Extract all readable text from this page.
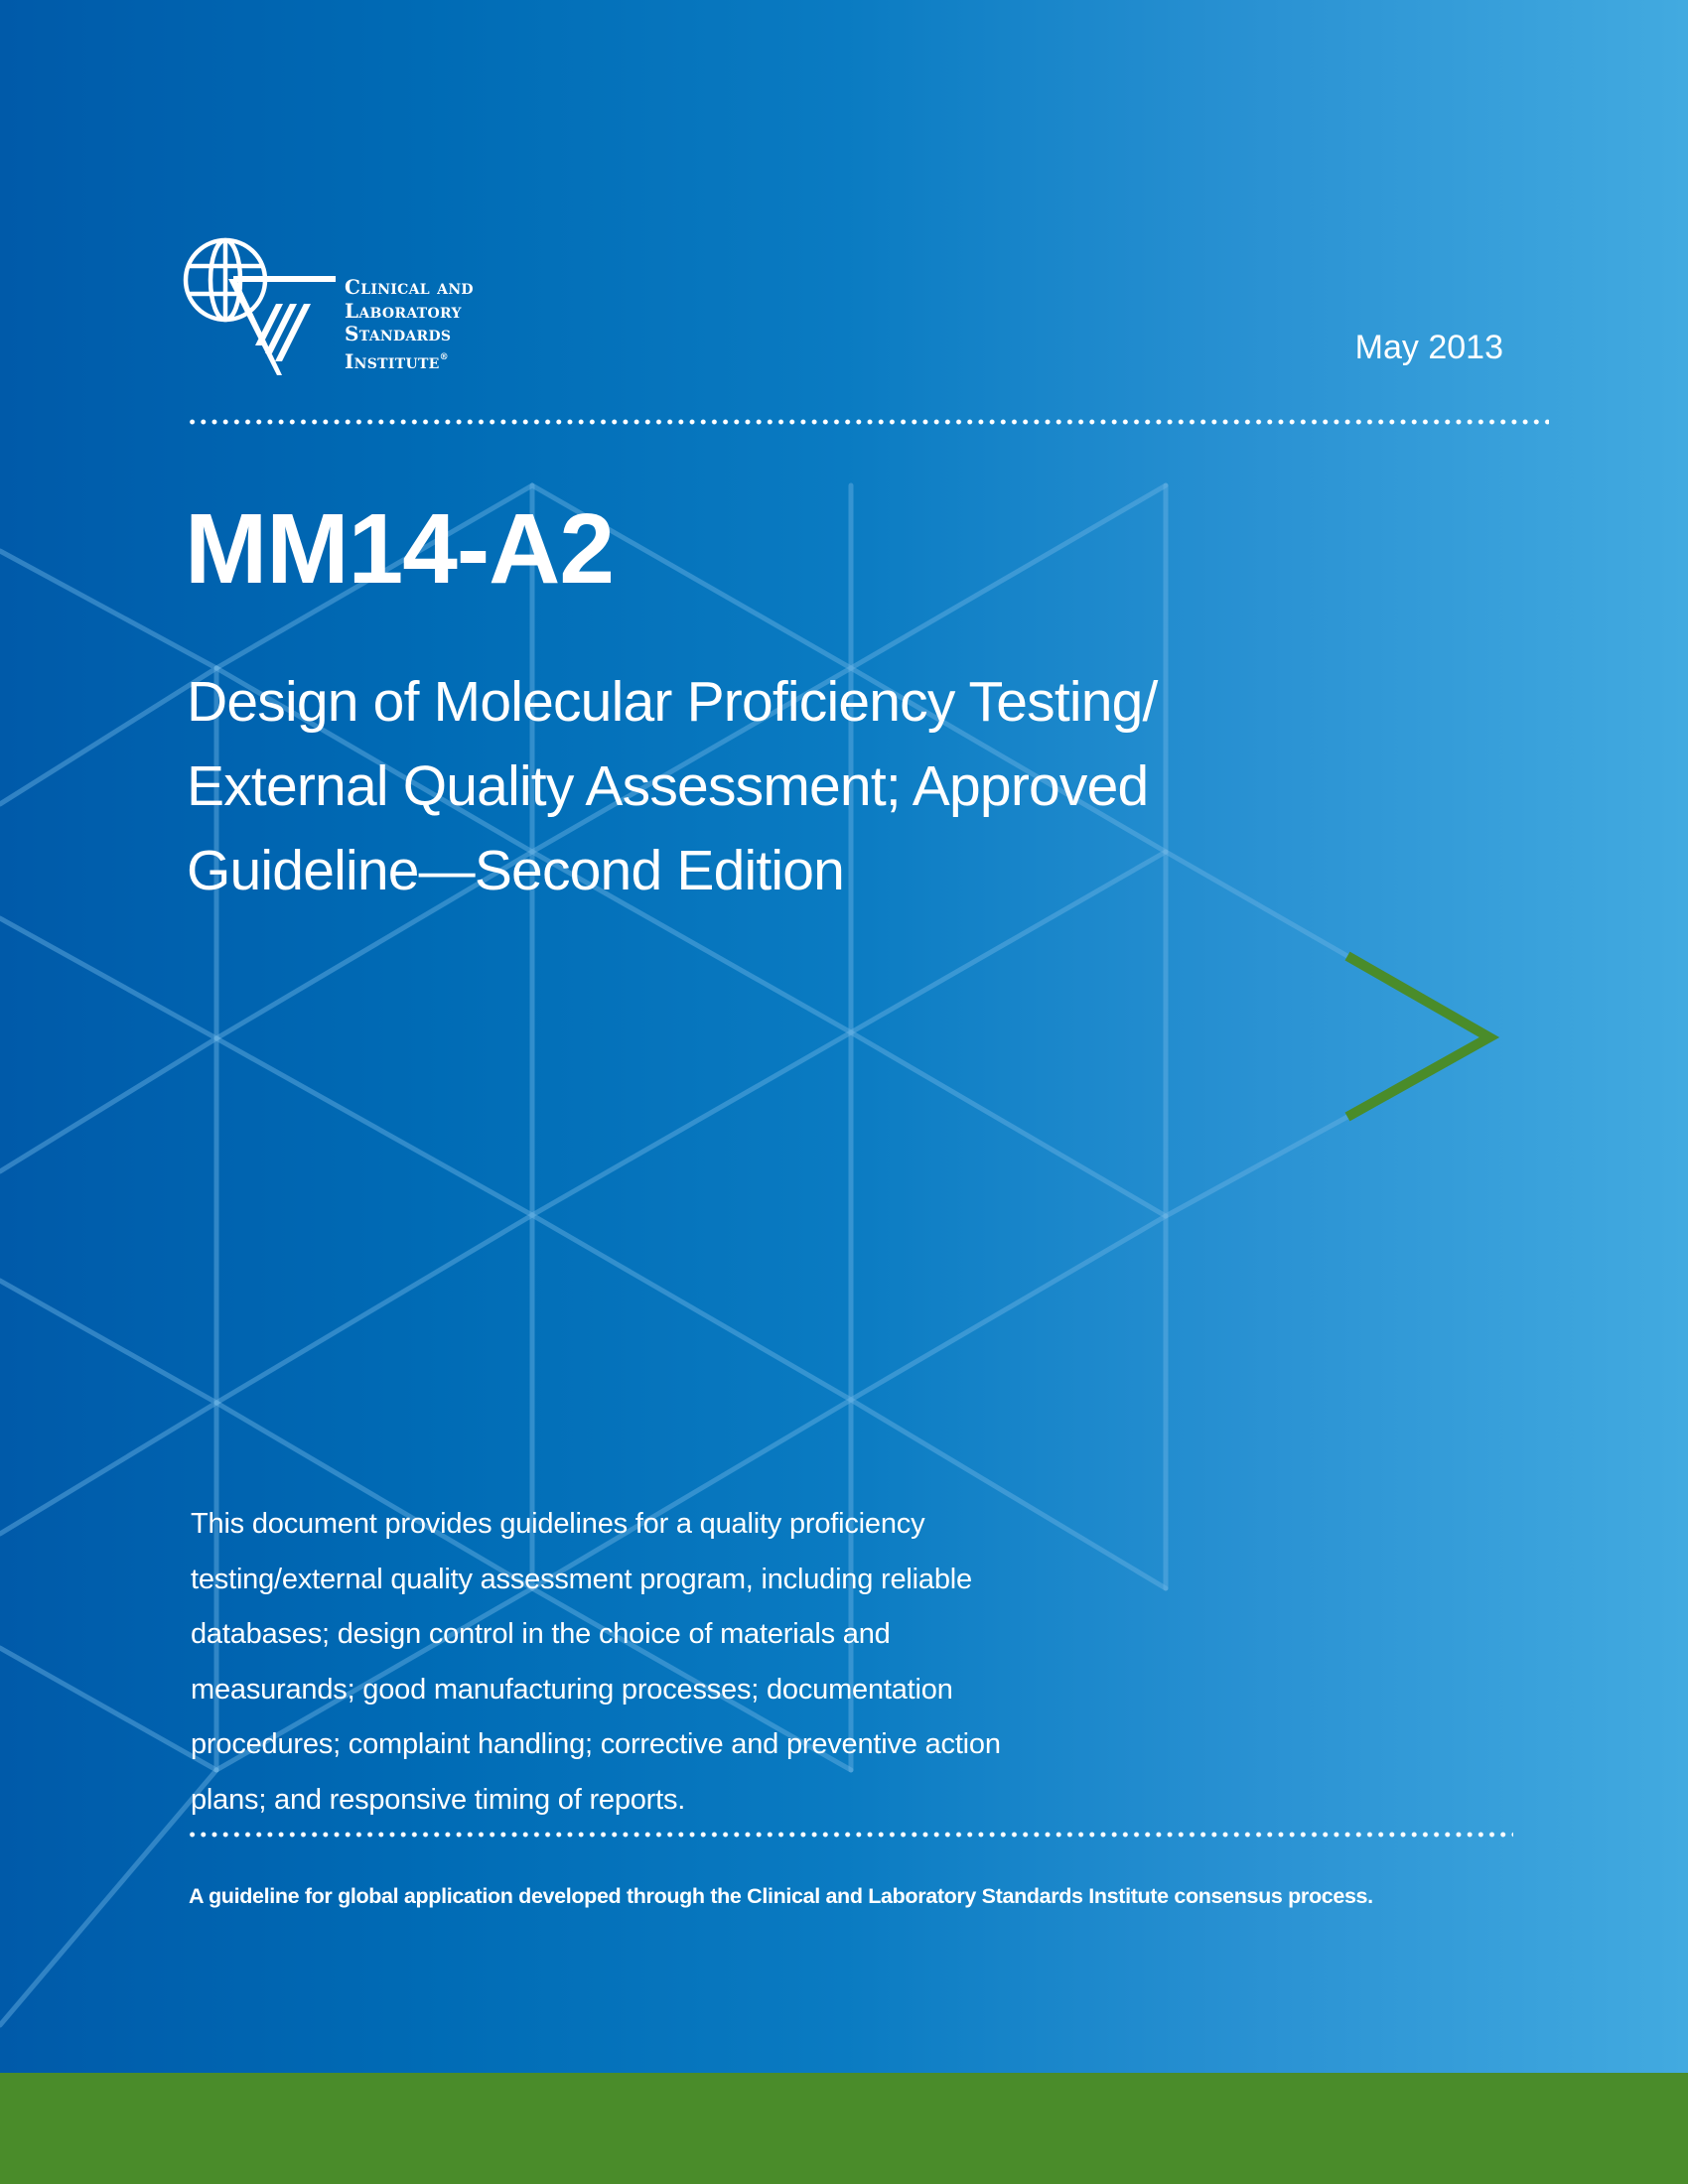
Clinical and
Laboratory
Standards
Institute®	May 2013
MM14-A2
Design of Molecular Proficiency Testing/
External Quality Assessment; Approved
Guideline—Second Edition
This document provides guidelines for a quality proficiency
testing/external quality assessment program, including reliable
databases; design control in the choice of materials and
measurands; good manufacturing processes; documentation
procedures; complaint handling; corrective and preventive action
plans; and responsive timing of reports.
A guideline for global application developed through the Clinical and Laboratory Standards Institute consensus process.
